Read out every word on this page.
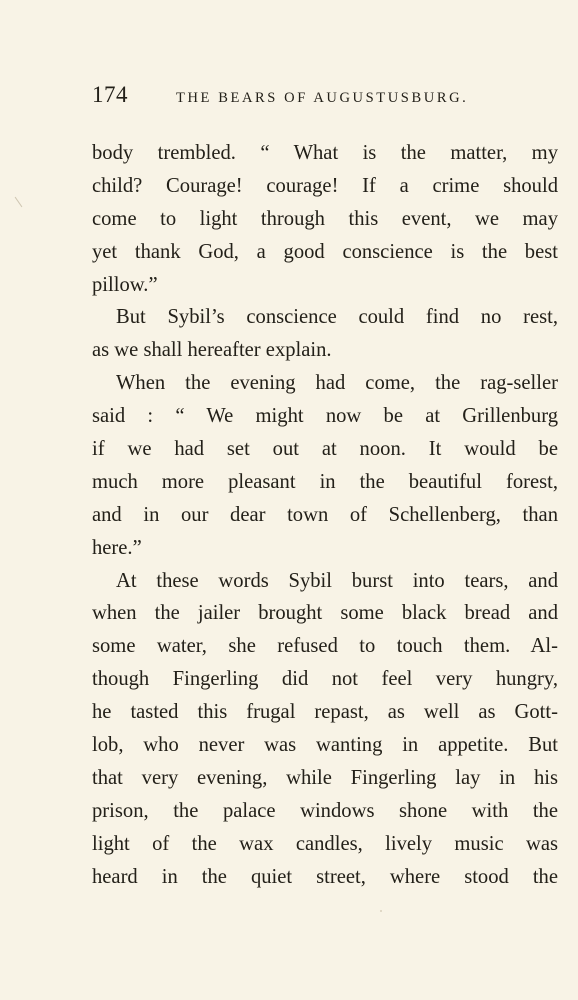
174	THE BEARS OF AUGUSTUSBURG.
body trembled. “ What is the matter, my
child? Courage! courage! If a crime should
come to light through this event, we may
yet thank God, a good conscience is the best
pillow.”
But Sybil’s conscience could find no rest,
as we shall hereafter explain.
When the evening had come, the rag-seller
said : “ We might now be at Grillenburg
if we had set out at noon. It would be
much more pleasant in the beautiful forest,
and in our dear town of Schellenberg, than
here.”
At these words Sybil burst into tears, and
when the jailer brought some black bread and
some water, she refused to touch them. Al-
though Fingerling did not feel very hungry,
he tasted this frugal repast, as well as Gott-
lob, who never was wanting in appetite. But
that very evening, while Fingerling lay in his
prison, the palace windows shone with the
light of the wax candles, lively music was
heard in the quiet street, where stood the
